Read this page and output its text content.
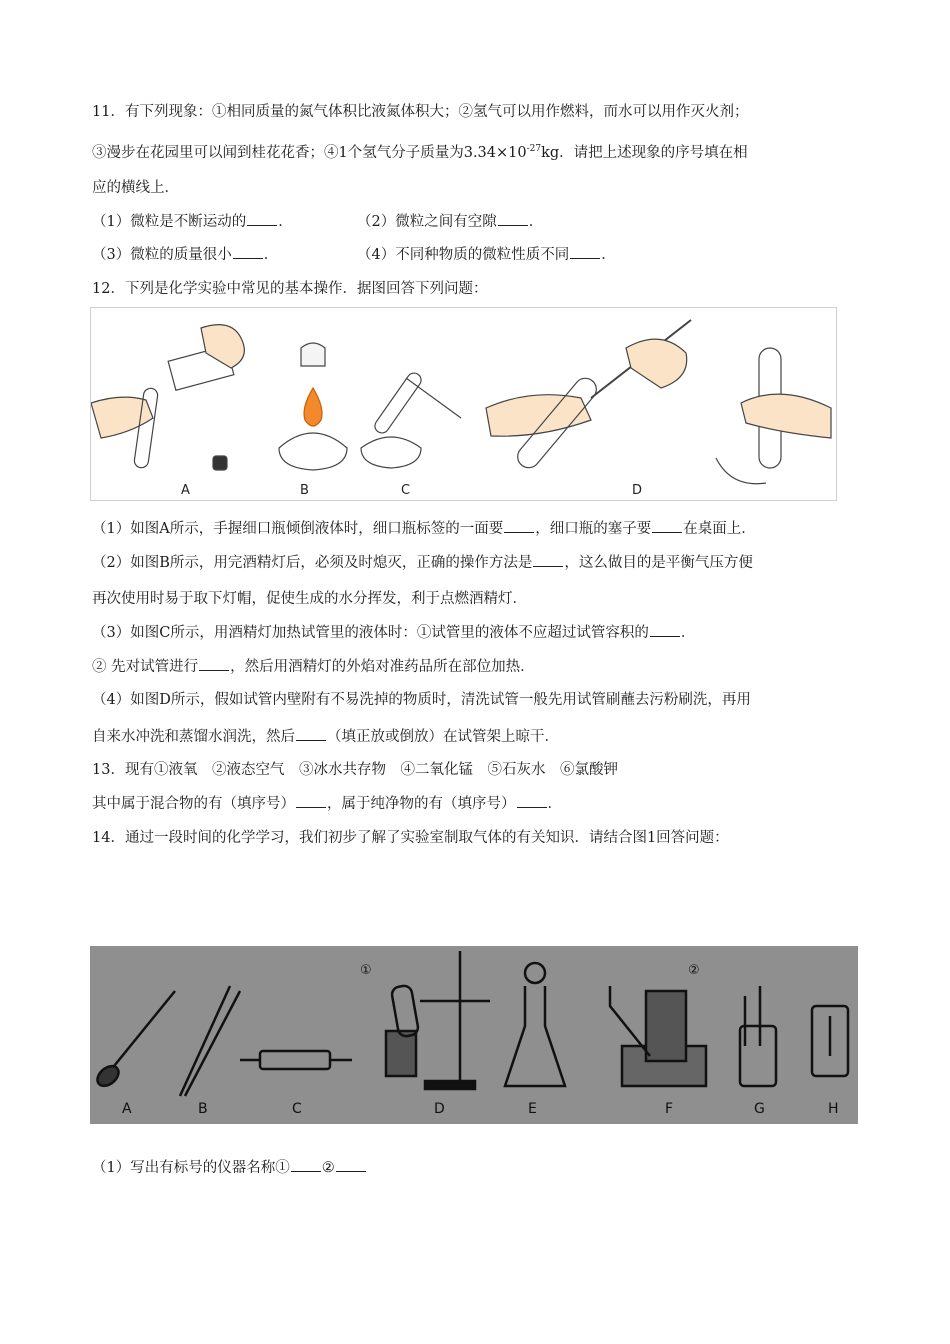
11．有下列现象：①相同质量的氮气体积比液氮体积大；②氢气可以用作燃料，而水可以用作灭火剂；
③漫步在花园里可以闻到桂花花香；④1个氢气分子质量为$3.34\times 10^{-27}kg$．请把上述现象的序号填在相
应的横线上．
（1）微粒是不断运动的 ．	（2）微粒之间有空隙 ．
（3）微粒的质量很小 ．	（4）不同种物质的微粒性质不同 ．
12．下列是化学实验中常见的基本操作．据图回答下列问题：
A	B	C	D
（1）如图A所示，手握细口瓶倾倒液体时，细口瓶标签的一面要 ，细口瓶的塞子要 在桌面上．
（2）如图B所示，用完酒精灯后，必须及时熄灭，正确的操作方法是 ，这么做目的是平衡气压方便
再次使用时易于取下灯帽，促使生成的水分挥发，利于点燃酒精灯．
（3）如图C所示，用酒精灯加热试管里的液体时：①试管里的液体不应超过试管容积的 ．
② 先对试管进行 ，然后用酒精灯的外焰对准药品所在部位加热．
（4）如图D所示，假如试管内壁附有不易洗掉的物质时，清洗试管一般先用试管刷蘸去污粉刷洗，再用
自来水冲洗和蒸馏水润洗，然后 （填正放或倒放）在试管架上晾干．
13．现有①液氧　②液态空气　③冰水共存物　④二氧化锰　⑤石灰水　⑥氯酸钾
其中属于混合物的有（填序号） ，属于纯净物的有（填序号） ．
14．通过一段时间的化学学习，我们初步了解了实验室制取气体的有关知识．请结合图1回答问题：
①	②
A	B	C	D	E	F	G	H
（1）写出有标号的仪器名称① ②
